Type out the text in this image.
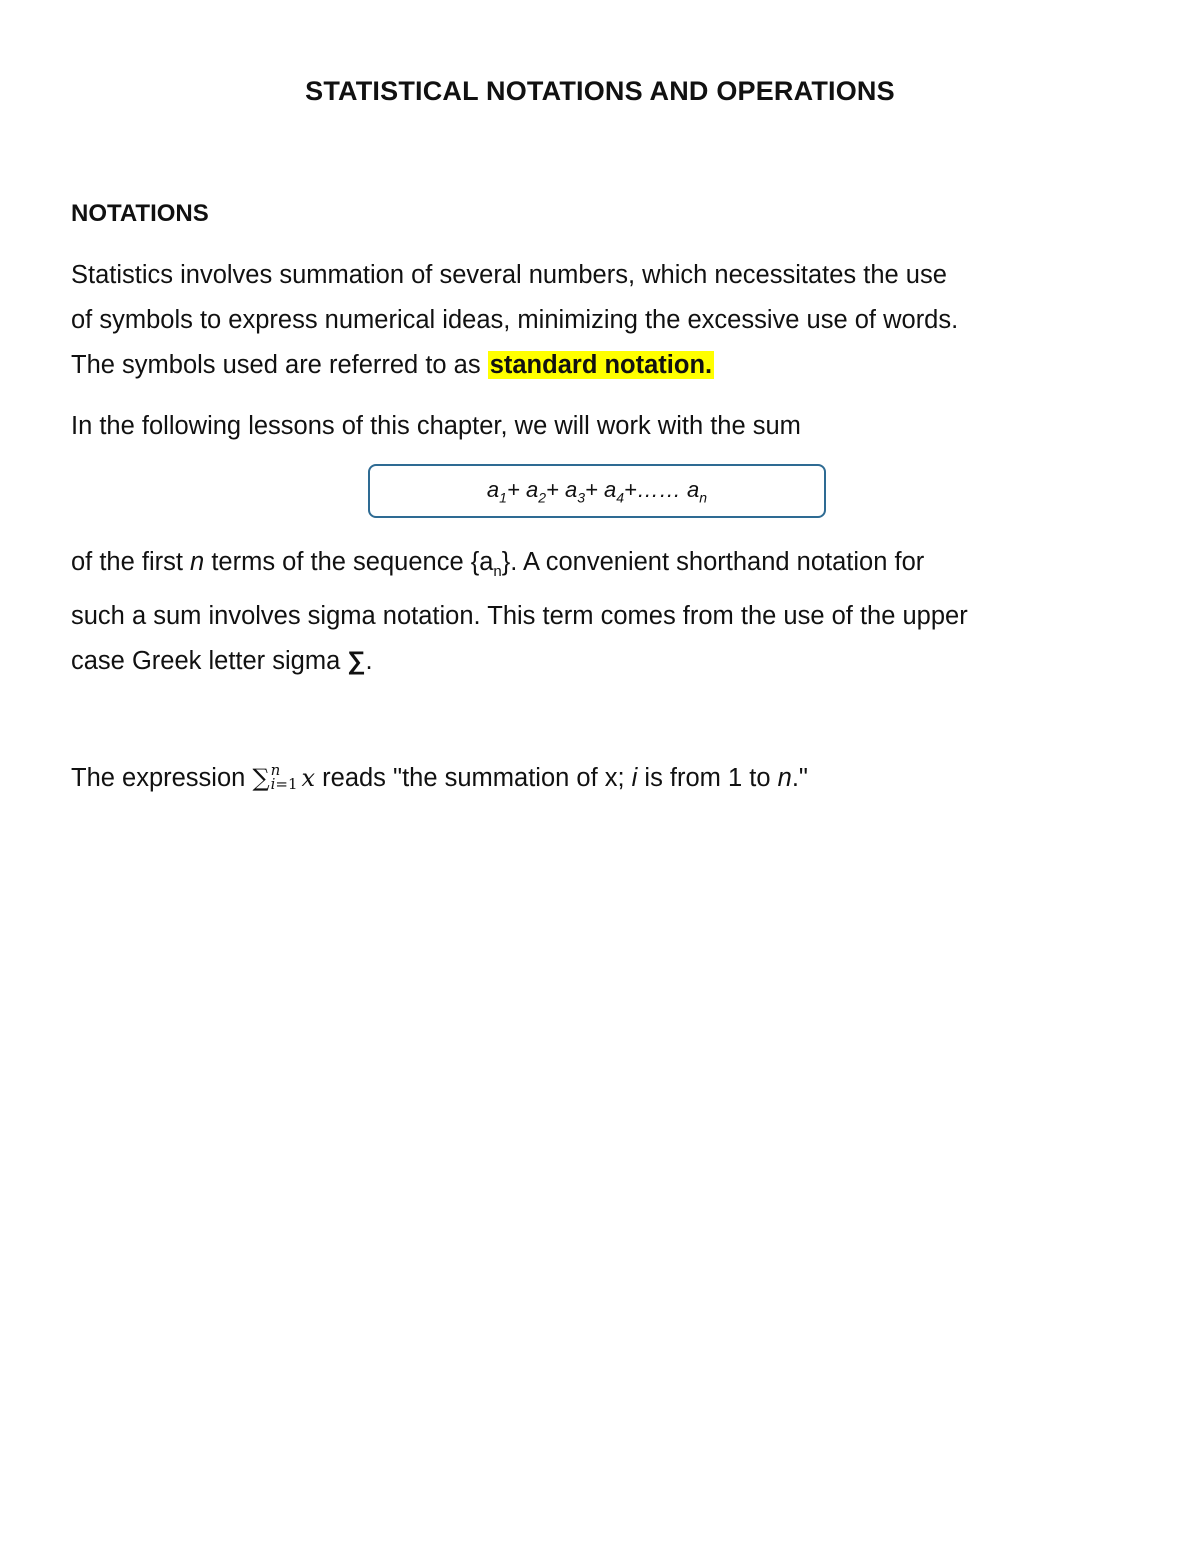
STATISTICAL NOTATIONS AND OPERATIONS
NOTATIONS
Statistics involves summation of several numbers, which necessitates the use
of symbols to express numerical ideas, minimizing the excessive use of words.
The symbols used are referred to as standard notation.
In the following lessons of this chapter, we will work with the sum
$a_1+ a_2+ a_3+$ $a_4+\dots\dots$ $a_n$
of the first n terms of the sequence $\{a_n\}$. A convenient shorthand notation for
such a sum involves sigma notation. This term comes from the use of the upper
case Greek letter sigma ∑.
The expression ∑ n
i=1 x reads "the summation of x; i is from 1 to n."
